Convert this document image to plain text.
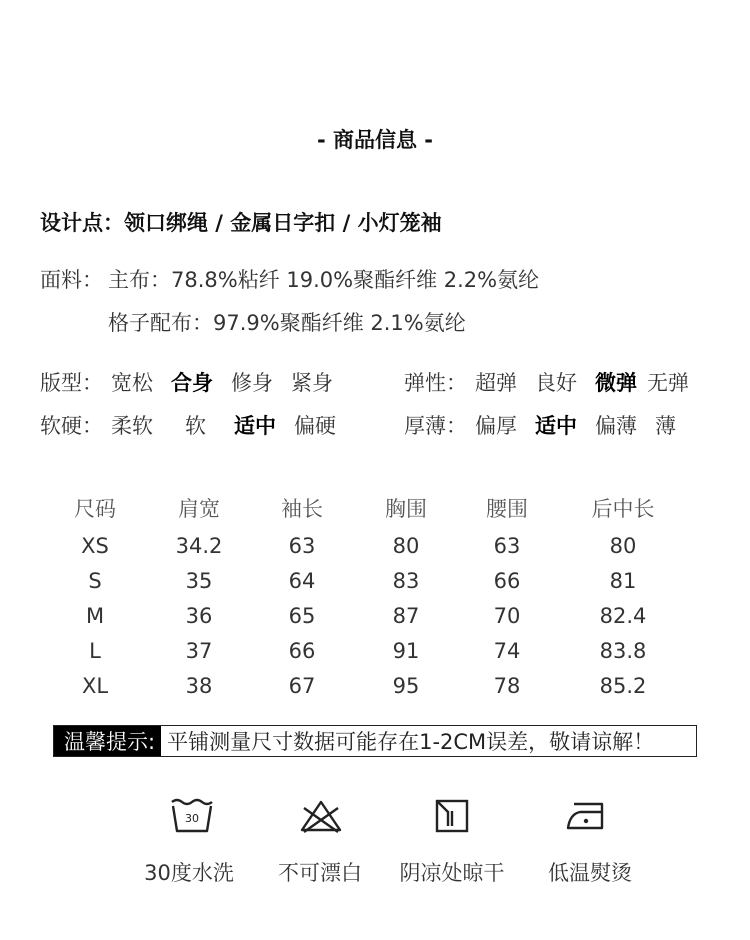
- 商品信息 -
设计点：领口绑绳 / 金属日字扣 / 小灯笼袖
面料： 主布：78.8%粘纤 19.0%聚酯纤维 2.2%氨纶
格子配布：97.9%聚酯纤维 2.1%氨纶
版型： 宽松 合身 修身 紧身
软硬： 柔软 软 适中 偏硬
弹性： 超弹 良好 微弹 无弹
厚薄： 偏厚 适中 偏薄 薄
尺码	肩宽	袖长	胸围	腰围	后中长
XS	34.2	63	80	63	80
S	35	64	83	66	81
M	36	65	87	70	82.4
L	37	66	91	74	83.8
XL	38	67	95	78	85.2
温馨提示: 平铺测量尺寸数据可能存在1-2CM误差，敬请谅解！
30
30度水洗	不可漂白	阴凉处晾干	低温熨烫
